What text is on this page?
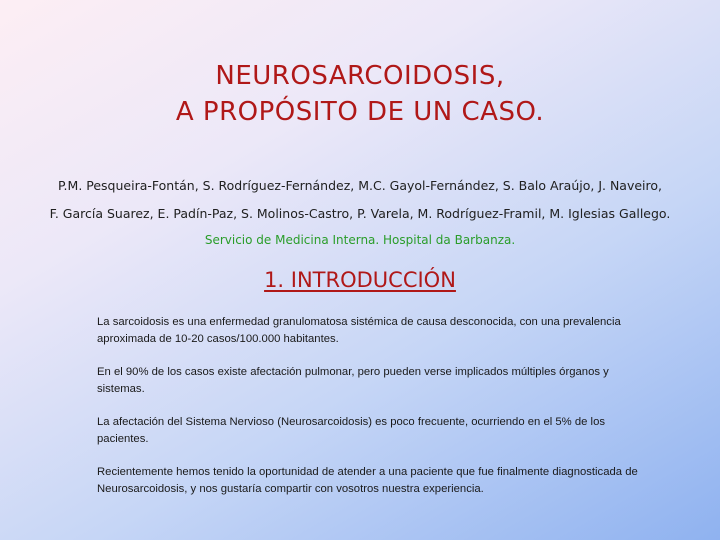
NEUROSARCOIDOSIS,
A PROPÓSITO DE UN CASO.
P.M. Pesqueira-Fontán, S. Rodríguez-Fernández, M.C. Gayol-Fernández, S. Balo Araújo, J. Naveiro,
F. García Suarez, E. Padín-Paz, S. Molinos-Castro, P. Varela, M. Rodríguez-Framil, M. Iglesias Gallego.
Servicio de Medicina Interna. Hospital da Barbanza.
1. INTRODUCCIÓN

La sarcoidosis es una enfermedad granulomatosa sistémica de causa desconocida, con una prevalencia aproximada de 10-20 casos/100.000 habitantes.

En el 90% de los casos existe afectación pulmonar, pero pueden verse implicados múltiples órganos y sistemas.

La afectación del Sistema Nervioso (Neurosarcoidosis) es poco frecuente, ocurriendo en el 5% de los pacientes.

Recientemente hemos tenido la oportunidad de atender a una paciente que fue finalmente diagnosticada de Neurosarcoidosis, y nos gustaría compartir con vosotros nuestra experiencia.
